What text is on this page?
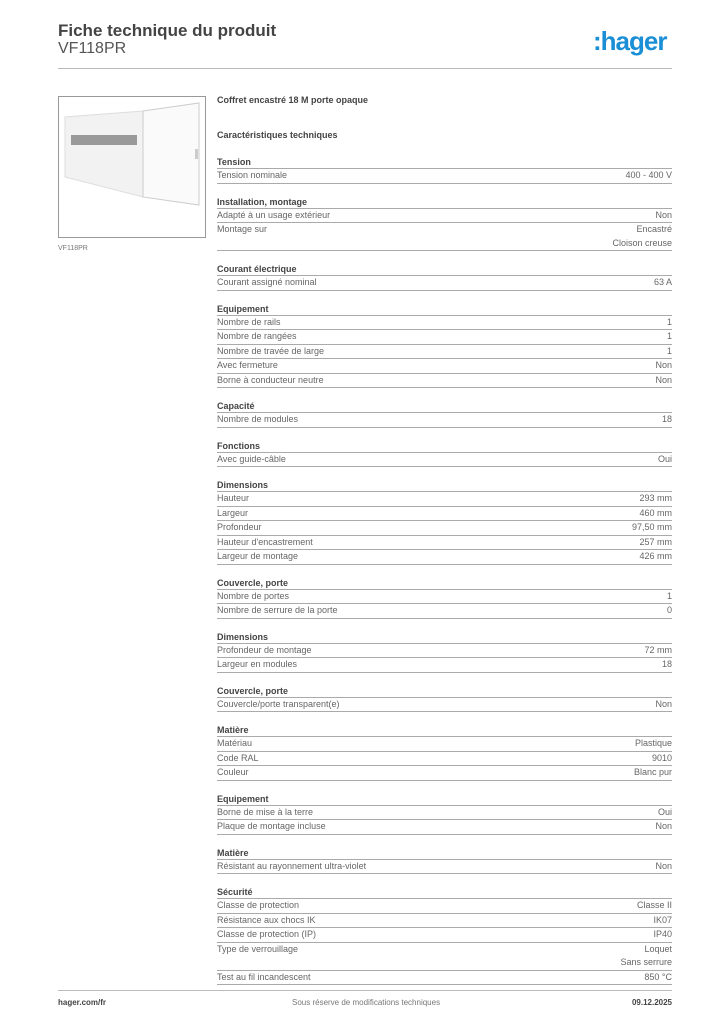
Fiche technique du produit
VF118PR	:hager
VF118PR
Coffret encastré 18 M porte opaque
Caractéristiques techniques
Tension
Tension nominale	400 - 400 V
Installation, montage
Adapté à un usage extérieur	Non
Montage sur	Encastré
Cloison creuse
Courant électrique
Courant assigné nominal	63 A
Equipement
Nombre de rails	1
Nombre de rangées	1
Nombre de travée de large	1
Avec fermeture	Non
Borne à conducteur neutre	Non
Capacité
Nombre de modules	18
Fonctions
Avec guide-câble	Oui
Dimensions
Hauteur	293 mm
Largeur	460 mm
Profondeur	97,50 mm
Hauteur d'encastrement	257 mm
Largeur de montage	426 mm
Couvercle, porte
Nombre de portes	1
Nombre de serrure de la porte	0
Dimensions
Profondeur de montage	72 mm
Largeur en modules	18
Couvercle, porte
Couvercle/porte transparent(e)	Non
Matière
Matériau	Plastique
Code RAL	9010
Couleur	Blanc pur
Equipement
Borne de mise à la terre	Oui
Plaque de montage incluse	Non
Matière
Résistant au rayonnement ultra-violet	Non
Sécurité
Classe de protection	Classe II
Résistance aux chocs IK	IK07
Classe de protection (IP)	IP40
Type de verrouillage	Loquet
Sans serrure
Test au fil incandescent	850 °C
hager.com/fr	Sous réserve de modifications techniques	09.12.2025
